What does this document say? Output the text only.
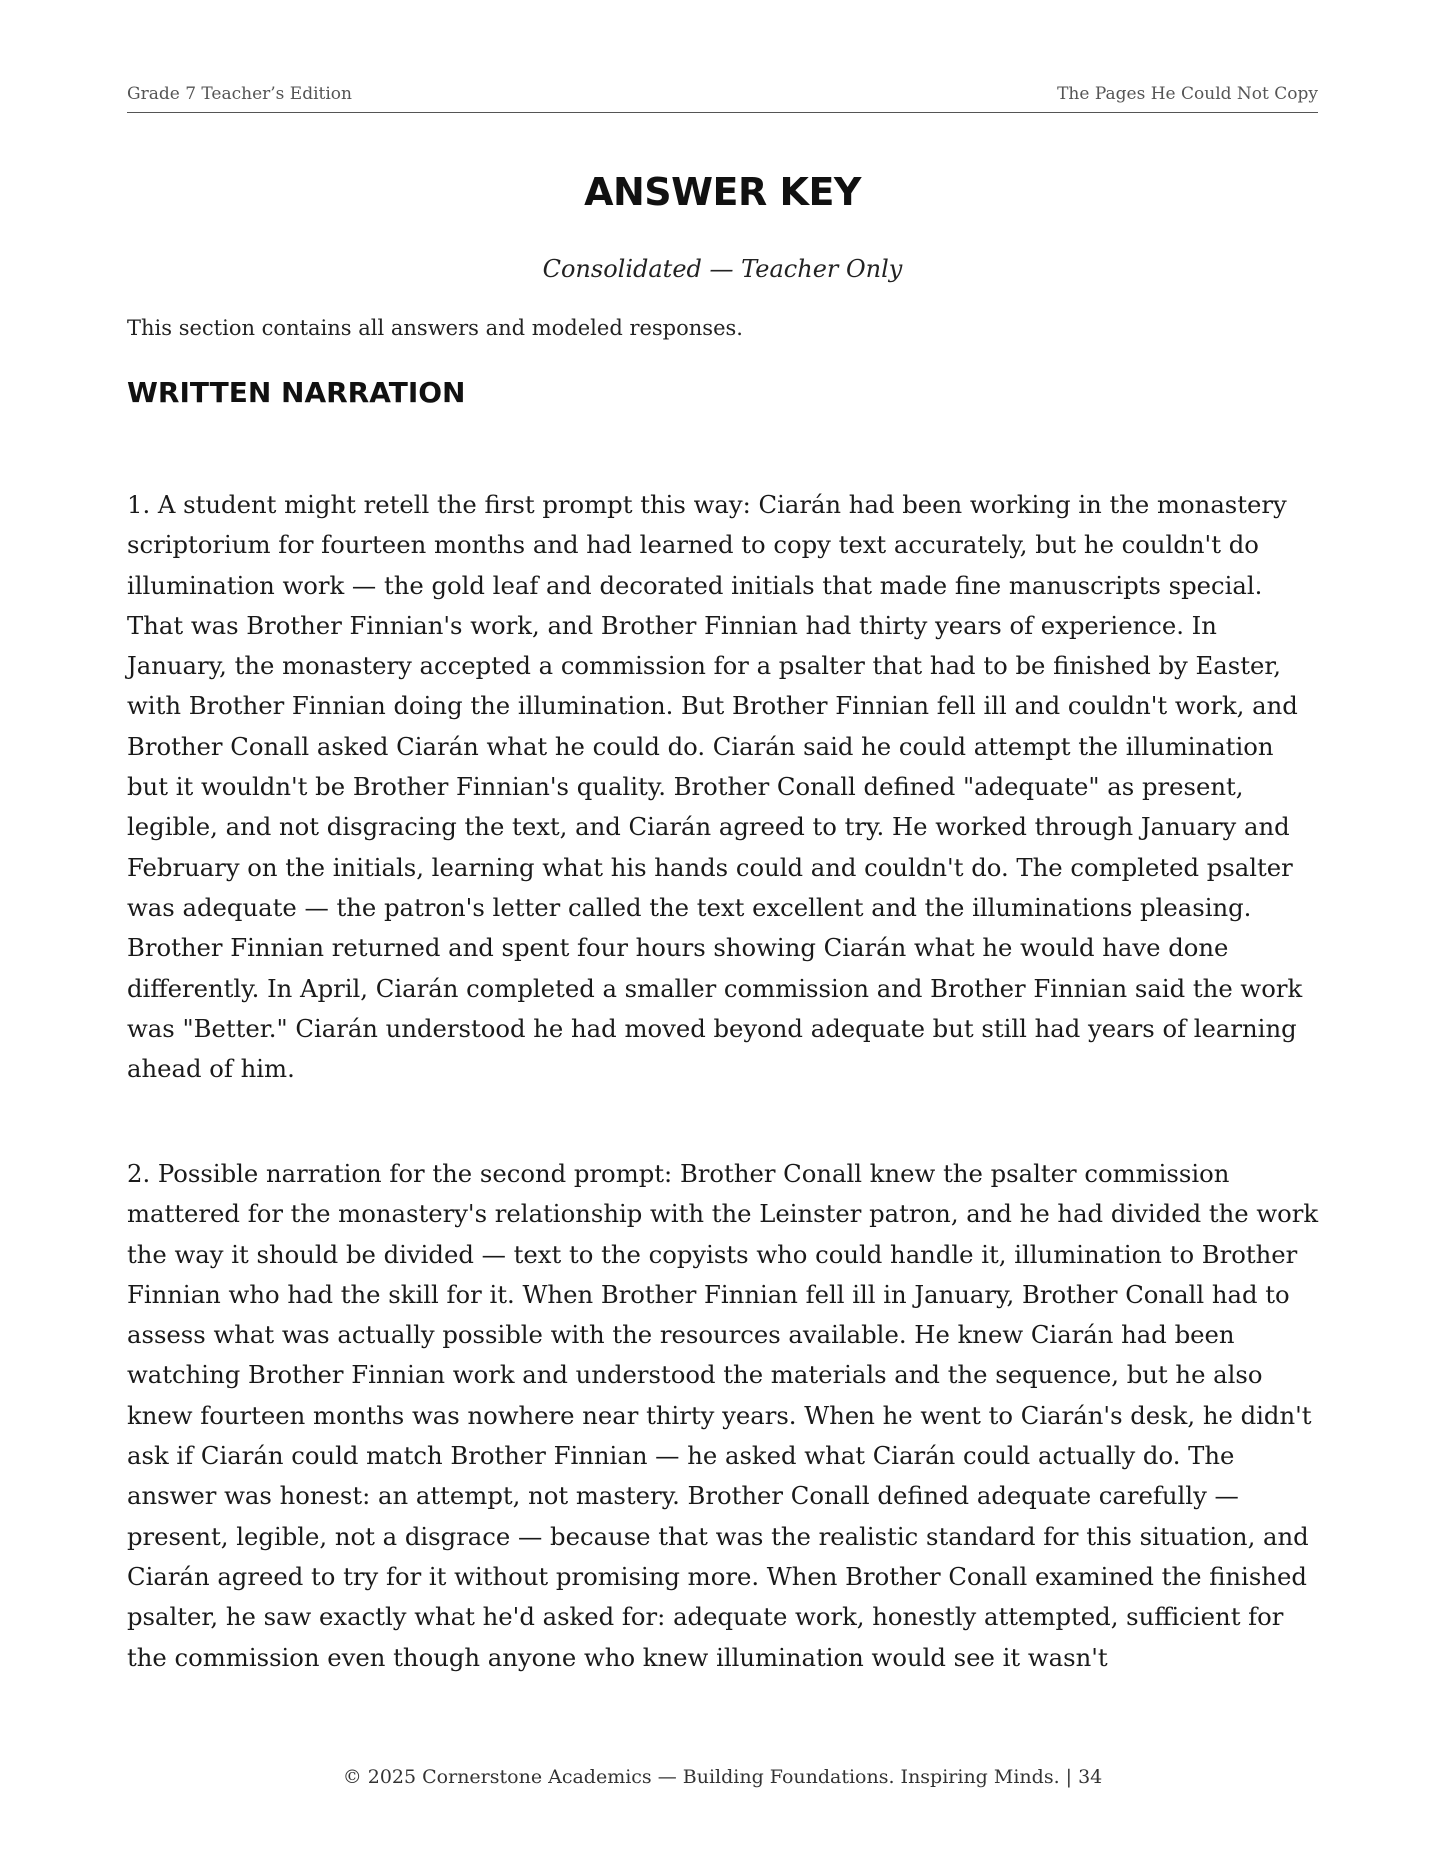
Grade 7 Teacher’s Edition	The Pages He Could Not Copy
ANSWER KEY
Consolidated — Teacher Only
This section contains all answers and modeled responses.
WRITTEN NARRATION

1. A student might retell the first prompt this way: Ciarán had been working in the monastery scriptorium for fourteen months and had learned to copy text accurately, but he couldn't do illumination work — the gold leaf and decorated initials that made fine manuscripts special. That was Brother Finnian's work, and Brother Finnian had thirty years of experience. In January, the monastery accepted a commission for a psalter that had to be finished by Easter, with Brother Finnian doing the illumination. But Brother Finnian fell ill and couldn't work, and Brother Conall asked Ciarán what he could do. Ciarán said he could attempt the illumination but it wouldn't be Brother Finnian's quality. Brother Conall defined "adequate" as present, legible, and not disgracing the text, and Ciarán agreed to try. He worked through January and February on the initials, learning what his hands could and couldn't do. The completed psalter was adequate — the patron's letter called the text excellent and the illuminations pleasing. Brother Finnian returned and spent four hours showing Ciarán what he would have done differently. In April, Ciarán completed a smaller commission and Brother Finnian said the work was "Better." Ciarán understood he had moved beyond adequate but still had years of learning ahead of him.

2. Possible narration for the second prompt: Brother Conall knew the psalter commission mattered for the monastery's relationship with the Leinster patron, and he had divided the work the way it should be divided — text to the copyists who could handle it, illumination to Brother Finnian who had the skill for it. When Brother Finnian fell ill in January, Brother Conall had to assess what was actually possible with the resources available. He knew Ciarán had been watching Brother Finnian work and understood the materials and the sequence, but he also knew fourteen months was nowhere near thirty years. When he went to Ciarán's desk, he didn't ask if Ciarán could match Brother Finnian — he asked what Ciarán could actually do. The answer was honest: an attempt, not mastery. Brother Conall defined adequate carefully — present, legible, not a disgrace — because that was the realistic standard for this situation, and Ciarán agreed to try for it without promising more. When Brother Conall examined the finished psalter, he saw exactly what he'd asked for: adequate work, honestly attempted, sufficient for the commission even though anyone who knew illumination would see it wasn't

© 2025 Cornerstone Academics — Building Foundations. Inspiring Minds. | 34
